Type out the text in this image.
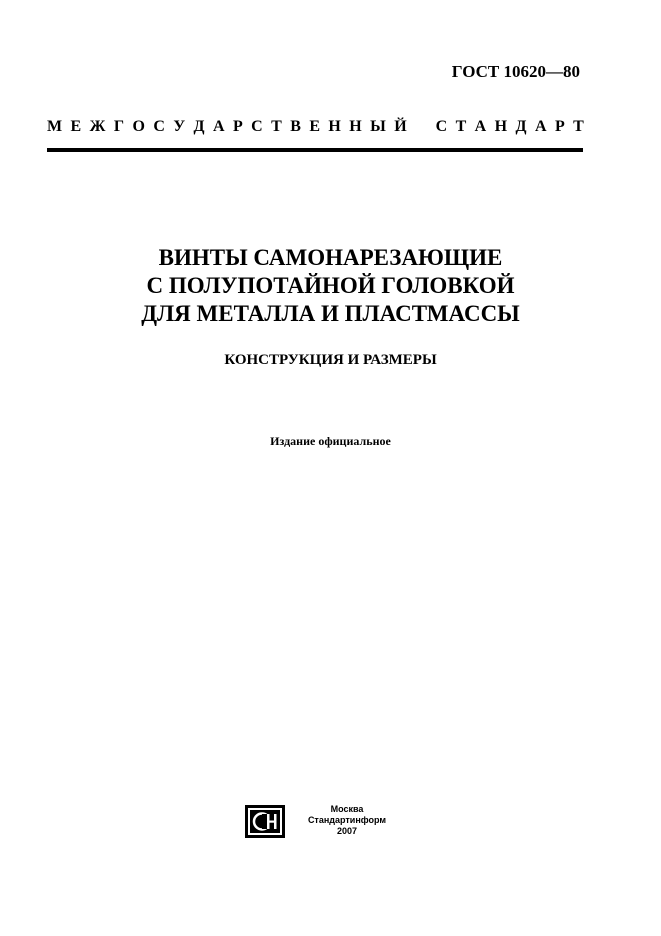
ГОСТ 10620—80
М Е Ж Г О С У Д А Р С Т В Е Н Н Ы Й С Т А Н Д А Р Т
ВИНТЫ САМОНАРЕЗАЮЩИЕ
С ПОЛУПОТАЙНОЙ ГОЛОВКОЙ
ДЛЯ МЕТАЛЛА И ПЛАСТМАССЫ
КОНСТРУКЦИЯ И РАЗМЕРЫ
Издание официальное
Москва
Стандартинформ
2007
